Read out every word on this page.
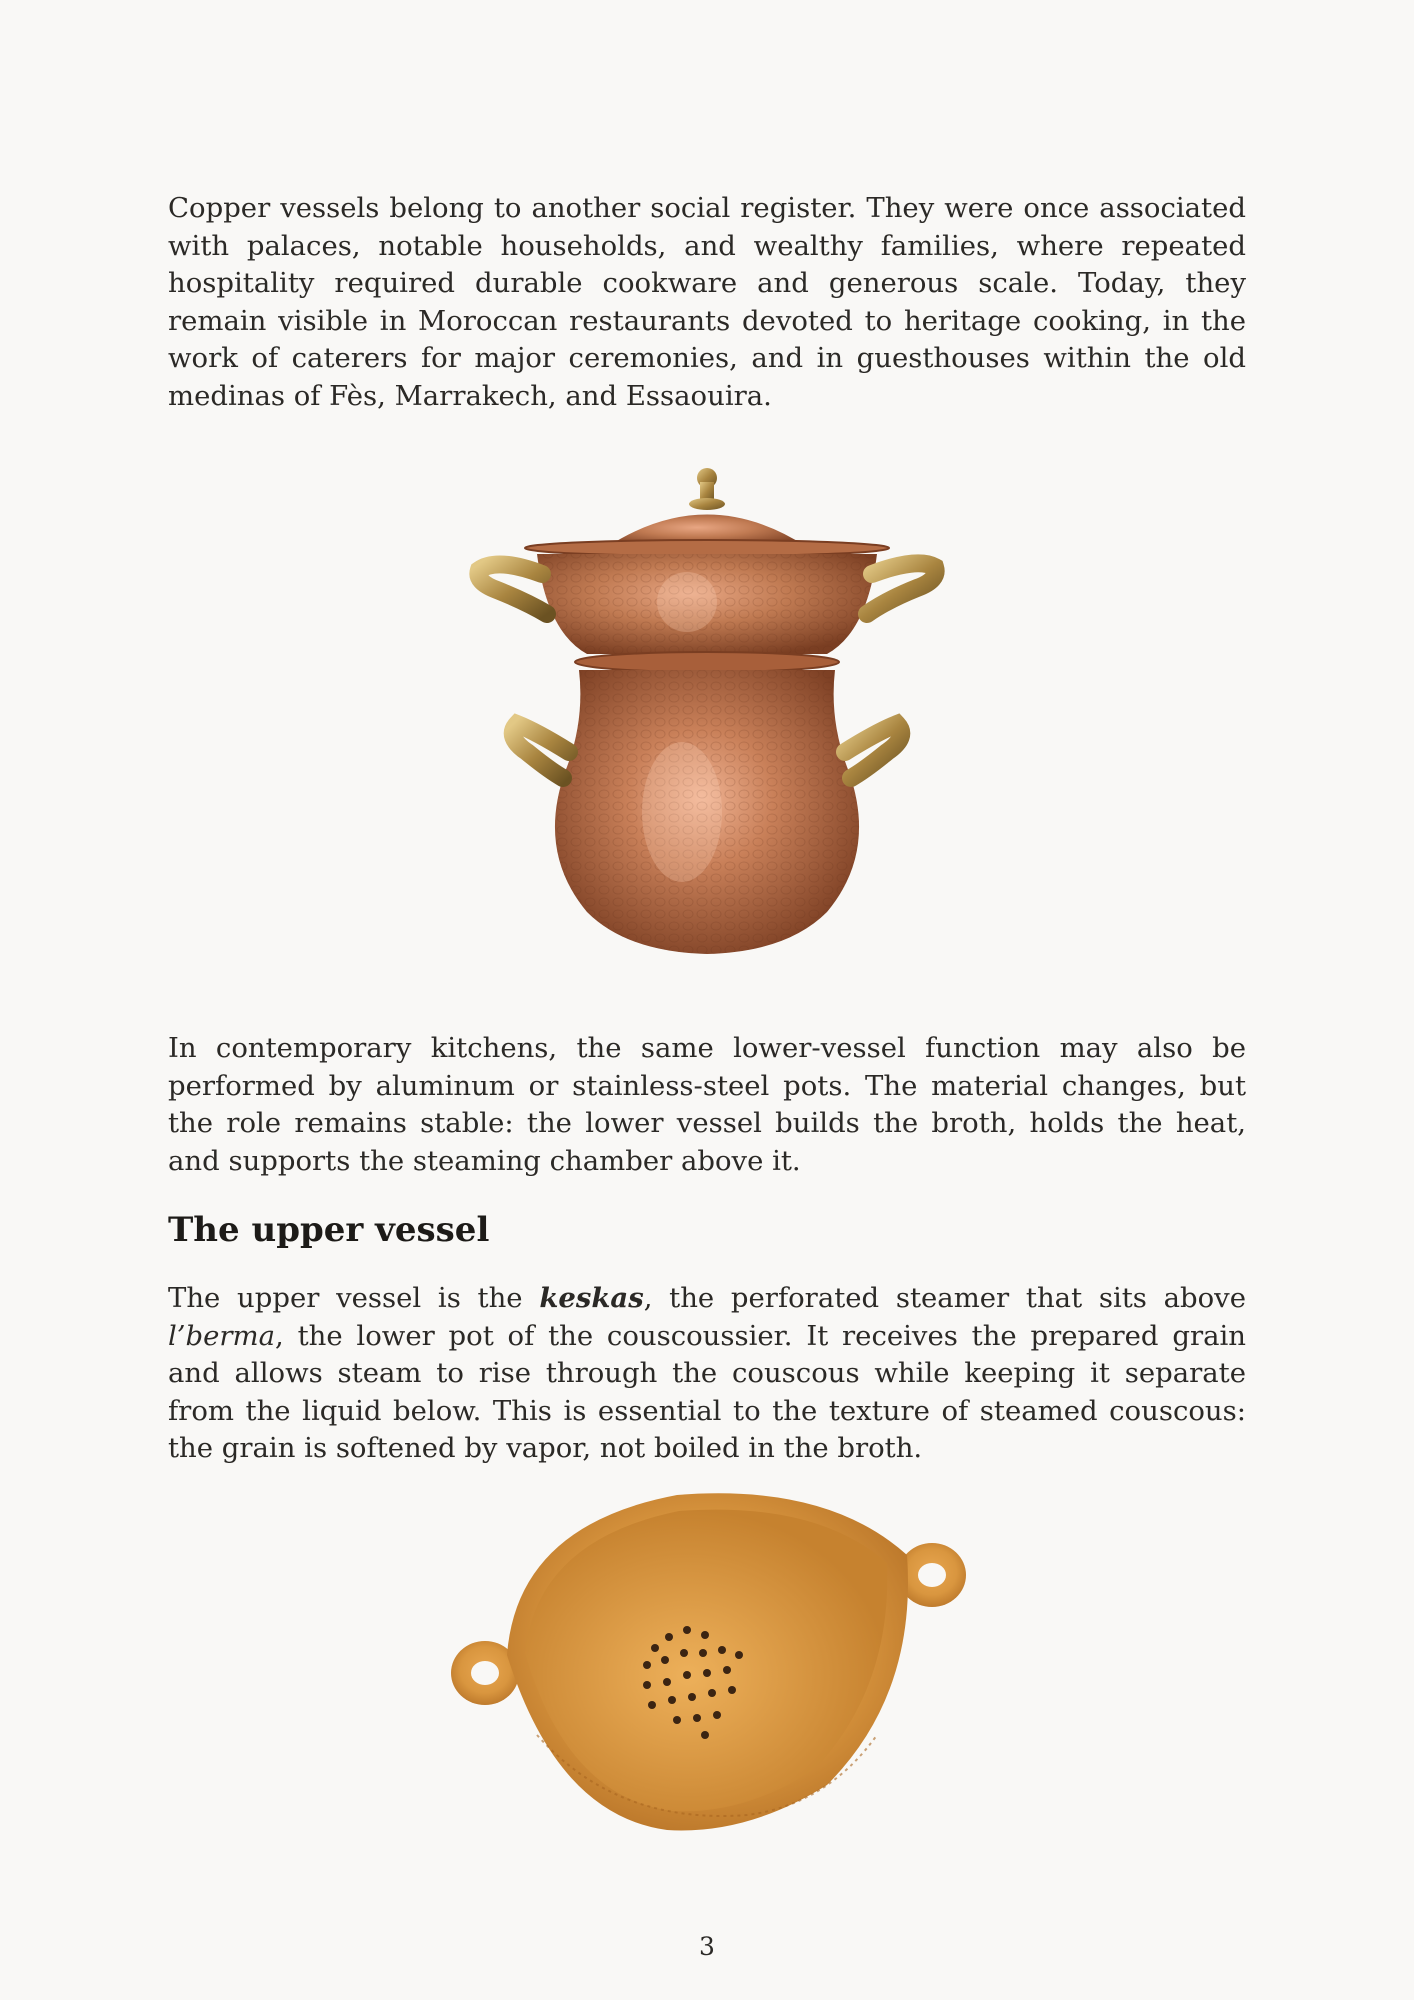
Copper vessels belong to another social register. They were once associated with palaces, notable households, and wealthy families, where repeated hospitality required durable cookware and generous scale. Today, they remain visible in Moroccan restaurants devoted to heritage cooking, in the work of caterers for major ceremonies, and in guesthouses within the old medinas of Fès, Marrakech, and Essaouira.

In contemporary kitchens, the same lower-vessel function may also be performed by aluminum or stainless-steel pots. The material changes, but the role remains stable: the lower vessel builds the broth, holds the heat, and supports the steaming chamber above it.

The upper vessel

The upper vessel is the keskas, the perforated steamer that sits above l’berma, the lower pot of the couscoussier. It receives the prepared grain and allows steam to rise through the couscous while keeping it separate from the liquid below. This is essential to the texture of steamed couscous: the grain is softened by vapor, not boiled in the broth.

3
